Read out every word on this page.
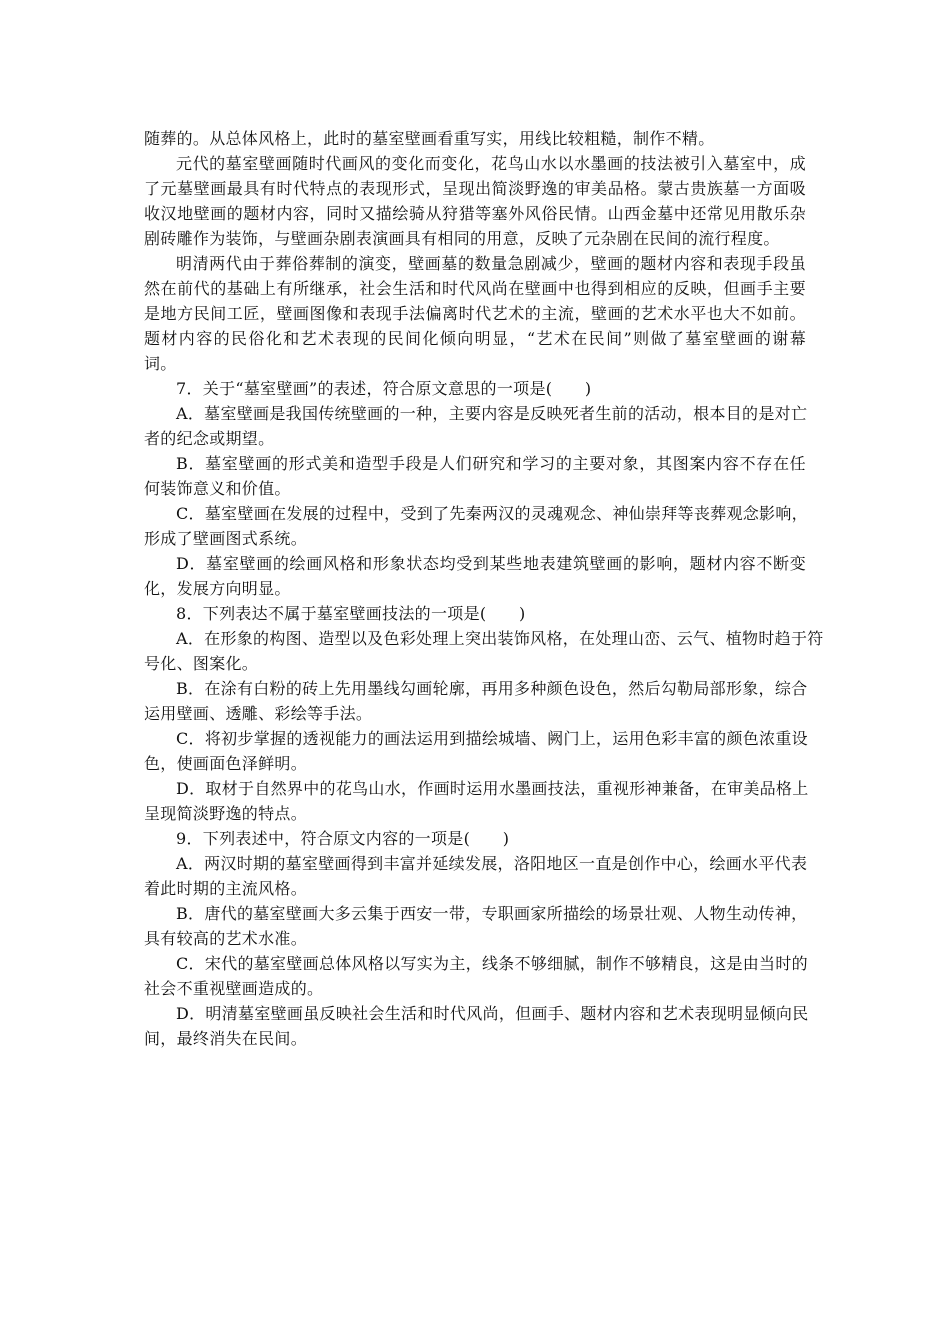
随葬的。从总体风格上，此时的墓室壁画看重写实，用线比较粗糙，制作不精。
元代的墓室壁画随时代画风的变化而变化，花鸟山水以水墨画的技法被引入墓室中，成
了元墓壁画最具有时代特点的表现形式，呈现出简淡野逸的审美品格。蒙古贵族墓一方面吸
收汉地壁画的题材内容，同时又描绘骑从狩猎等塞外风俗民情。山西金墓中还常见用散乐杂
剧砖雕作为装饰，与壁画杂剧表演画具有相同的用意，反映了元杂剧在民间的流行程度。
明清两代由于葬俗葬制的演变，壁画墓的数量急剧减少，壁画的题材内容和表现手段虽
然在前代的基础上有所继承，社会生活和时代风尚在壁画中也得到相应的反映，但画手主要
是地方民间工匠，壁画图像和表现手法偏离时代艺术的主流，壁画的艺术水平也大不如前。
题材内容的民俗化和艺术表现的民间化倾向明显，“艺术在民间”则做了墓室壁画的谢幕
词。
7．关于“墓室壁画”的表述，符合原文意思的一项是(　　)
A．墓室壁画是我国传统壁画的一种，主要内容是反映死者生前的活动，根本目的是对亡
者的纪念或期望。
B．墓室壁画的形式美和造型手段是人们研究和学习的主要对象，其图案内容不存在任
何装饰意义和价值。
C．墓室壁画在发展的过程中，受到了先秦两汉的灵魂观念、神仙崇拜等丧葬观念影响，
形成了壁画图式系统。
D．墓室壁画的绘画风格和形象状态均受到某些地表建筑壁画的影响，题材内容不断变
化，发展方向明显。
8．下列表达不属于墓室壁画技法的一项是(　　)
A．在形象的构图、造型以及色彩处理上突出装饰风格，在处理山峦、云气、植物时趋于符
号化、图案化。
B．在涂有白粉的砖上先用墨线勾画轮廓，再用多种颜色设色，然后勾勒局部形象，综合
运用壁画、透雕、彩绘等手法。
C．将初步掌握的透视能力的画法运用到描绘城墙、阙门上，运用色彩丰富的颜色浓重设
色，使画面色泽鲜明。
D．取材于自然界中的花鸟山水，作画时运用水墨画技法，重视形神兼备，在审美品格上
呈现简淡野逸的特点。
9．下列表述中，符合原文内容的一项是(　　)
A．两汉时期的墓室壁画得到丰富并延续发展，洛阳地区一直是创作中心，绘画水平代表
着此时期的主流风格。
B．唐代的墓室壁画大多云集于西安一带，专职画家所描绘的场景壮观、人物生动传神，
具有较高的艺术水准。
C．宋代的墓室壁画总体风格以写实为主，线条不够细腻，制作不够精良，这是由当时的
社会不重视壁画造成的。
D．明清墓室壁画虽反映社会生活和时代风尚，但画手、题材内容和艺术表现明显倾向民
间，最终消失在民间。
